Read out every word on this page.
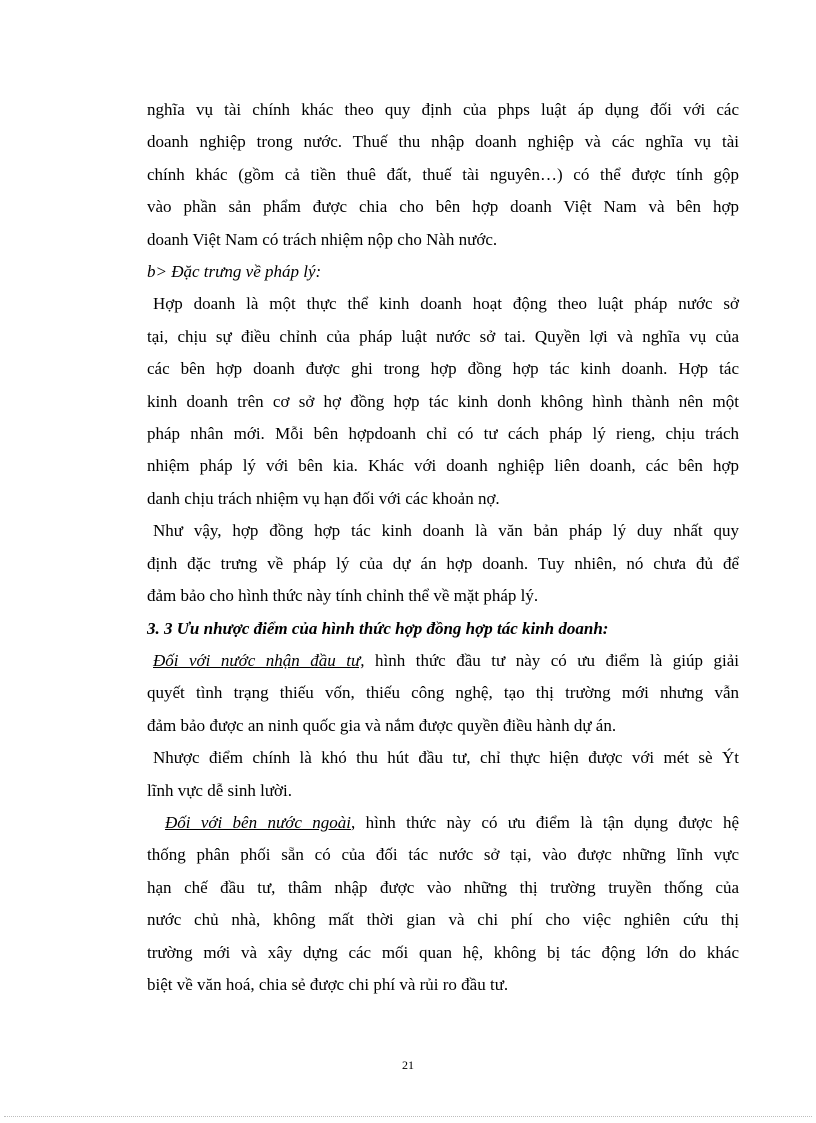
nghĩa vụ tài chính khác theo quy định của phps luật áp dụng đối với các

doanh nghiệp trong nước. Thuế thu nhập doanh nghiệp và các nghĩa vụ tài

chính khác (gồm cả tiền thuê đất, thuế tài nguyên…) có thể được tính gộp

vào phần sản phẩm được chia cho bên hợp doanh Việt Nam và bên hợp

doanh Việt Nam có trách nhiệm nộp cho Nàh nước.

b> Đặc trưng về pháp lý:

Hợp doanh là một thực thể kinh doanh hoạt động theo luật pháp nước sở

tại, chịu sự điều chỉnh của pháp luật nước sở tai. Quyền lợi và nghĩa vụ của

các bên hợp doanh được ghi trong hợp đồng hợp tác kinh doanh. Hợp tác

kinh doanh trên cơ sở hợ đồng hợp tác kinh donh không hình thành nên một

pháp nhân mới. Mỗi bên hợpdoanh chỉ có tư cách pháp lý rieng, chịu trách

nhiệm pháp lý với bên kia. Khác với doanh nghiệp liên doanh, các bên hợp

danh chịu trách nhiệm vụ hạn đối với các khoản nợ.

Như vậy, hợp đồng hợp tác kinh doanh là văn bản pháp lý duy nhất quy

định đặc trưng về pháp lý của dự án hợp doanh. Tuy nhiên, nó chưa đủ để

đảm bảo cho hình thức này tính chỉnh thể về mặt pháp lý.

3. 3 Ưu nhược điểm của hình thức hợp đồng hợp tác kinh doanh:

Đối với nước nhận đầu tư, hình thức đầu tư này có ưu điểm là giúp giải

quyết tình trạng thiếu vốn, thiếu công nghệ, tạo thị trường mới nhưng vẫn

đảm bảo được an ninh quốc gia và nắm được quyền điều hành dự án.

Nhược điểm chính là khó thu hút đầu tư, chỉ thực hiện được với mét sè Ýt

lĩnh vực dễ sinh lười.

Đối với bên nước ngoài, hình thức này có ưu điểm là tận dụng được hệ

thống phân phối sẵn có của đối tác nước sở tại, vào được những lĩnh vực

hạn chế đầu tư, thâm nhập được vào những thị trường truyền thống của

nước chủ nhà, không mất thời gian và chi phí cho việc nghiên cứu thị

trường mới và xây dựng các mối quan hệ, không bị tác động lớn do khác

biệt về văn hoá, chia sẻ được chi phí và rủi ro đầu tư.

21
